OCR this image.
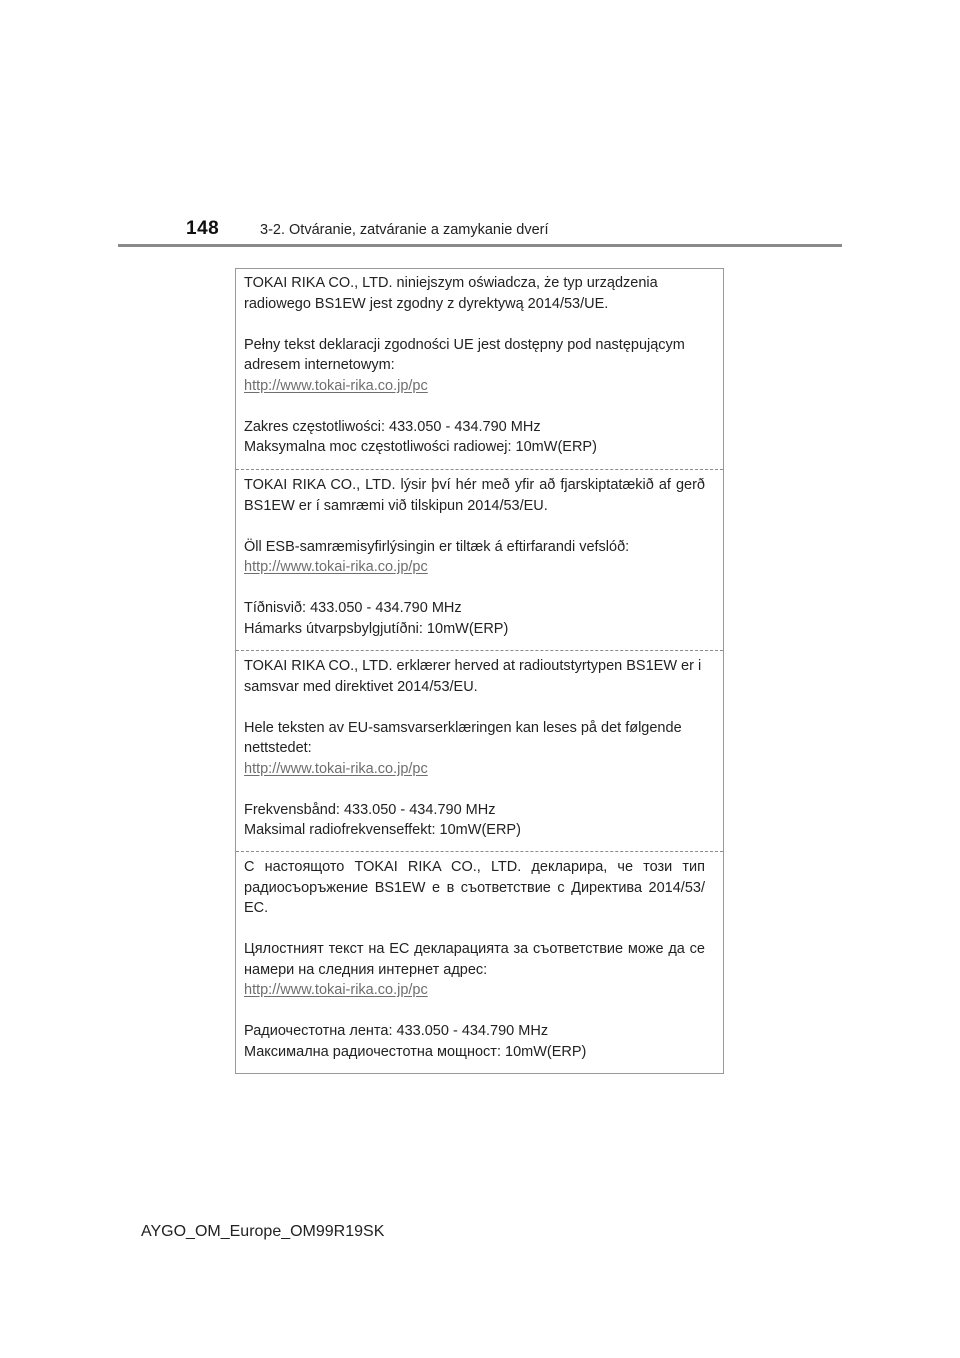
148	3-2. Otváranie, zatváranie a zamykanie dverí

TOKAI RIKA CO., LTD. niniejszym oświadcza, że typ urządzenia radiowego BS1EW jest zgodny z dyrektywą 2014/53/UE.

Pełny tekst deklaracji zgodności UE jest dostępny pod następującym adresem internetowym:

http://www.tokai-rika.co.jp/pc

Zakres częstotliwości: 433.050 - 434.790 MHz

Maksymalna moc częstotliwości radiowej: 10mW(ERP)

TOKAI RIKA CO., LTD. lýsir því hér með yfir að fjarskiptatækið af gerð BS1EW er í samræmi við tilskipun 2014/53/EU.

Öll ESB-samræmisyfirlýsingin er tiltæk á eftirfarandi vefslóð:

http://www.tokai-rika.co.jp/pc

Tíðnisvið: 433.050 - 434.790 MHz

Hámarks útvarpsbylgjutíðni: 10mW(ERP)

TOKAI RIKA CO., LTD. erklærer herved at radioutstyrtypen BS1EW er i samsvar med direktivet 2014/53/EU.

Hele teksten av EU-samsvarserklæringen kan leses på det følgende nettstedet:

http://www.tokai-rika.co.jp/pc

Frekvensbånd: 433.050 - 434.790 MHz

Maksimal radiofrekvenseffekt: 10mW(ERP)

С настоящото TOKAI RIKA CO., LTD. декларира, че този тип радиосъоръжение BS1EW е в съответствие с Директива 2014/53/ЕС.

Цялостният текст на ЕС декларацията за съответствие може да се намери на следния интернет адрес:

http://www.tokai-rika.co.jp/pc

Радиочестотна лента: 433.050 - 434.790 MHz

Максимална радиочестотна мощност: 10mW(ERP)

AYGO_OM_Europe_OM99R19SK
